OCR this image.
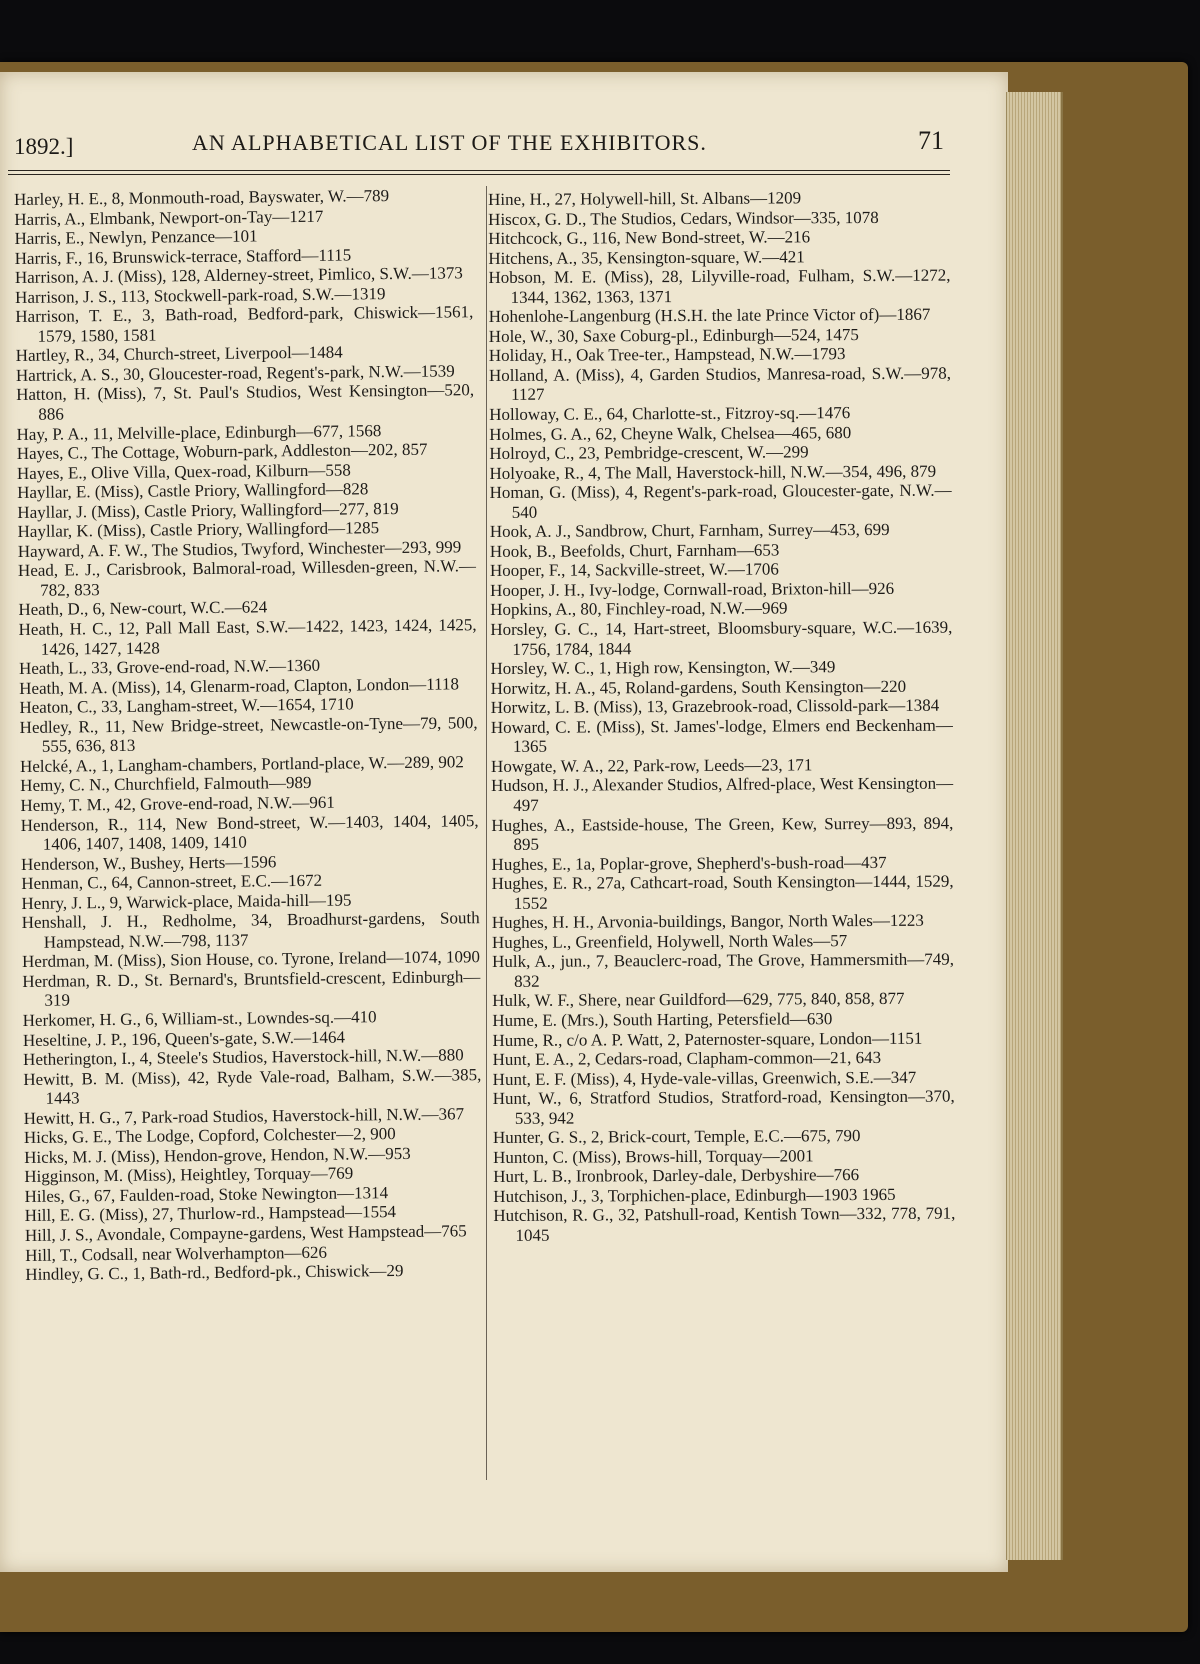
1892.]	AN ALPHABETICAL LIST OF THE EXHIBITORS.	71
Harley, H. E., 8, Monmouth-road, Bayswater, W.—789
Harris, A., Elmbank, Newport-on-Tay—1217
Harris, E., Newlyn, Penzance—101
Harris, F., 16, Brunswick-terrace, Stafford—1115
Harrison, A. J. (Miss), 128, Alderney-street, Pimlico, S.W.—1373
Harrison, J. S., 113, Stockwell-park-road, S.W.—1319
Harrison, T. E., 3, Bath-road, Bedford-park, Chiswick—1561, 1579, 1580, 1581
Hartley, R., 34, Church-street, Liverpool—1484
Hartrick, A. S., 30, Gloucester-road, Regent's-park, N.W.—1539
Hatton, H. (Miss), 7, St. Paul's Studios, West Kensington—520, 886
Hay, P. A., 11, Melville-place, Edinburgh—677, 1568
Hayes, C., The Cottage, Woburn-park, Addleston—202, 857
Hayes, E., Olive Villa, Quex-road, Kilburn—558
Hayllar, E. (Miss), Castle Priory, Wallingford—828
Hayllar, J. (Miss), Castle Priory, Wallingford—277, 819
Hayllar, K. (Miss), Castle Priory, Wallingford—1285
Hayward, A. F. W., The Studios, Twyford, Winchester—293, 999
Head, E. J., Carisbrook, Balmoral-road, Willesden-green, N.W.—782, 833
Heath, D., 6, New-court, W.C.—624
Heath, H. C., 12, Pall Mall East, S.W.—1422, 1423, 1424, 1425, 1426, 1427, 1428
Heath, L., 33, Grove-end-road, N.W.—1360
Heath, M. A. (Miss), 14, Glenarm-road, Clapton, London—1118
Heaton, C., 33, Langham-street, W.—1654, 1710
Hedley, R., 11, New Bridge-street, Newcastle-on-Tyne—79, 500, 555, 636, 813
Helcké, A., 1, Langham-chambers, Portland-place, W.—289, 902
Hemy, C. N., Churchfield, Falmouth—989
Hemy, T. M., 42, Grove-end-road, N.W.—961
Henderson, R., 114, New Bond-street, W.—1403, 1404, 1405, 1406, 1407, 1408, 1409, 1410
Henderson, W., Bushey, Herts—1596
Henman, C., 64, Cannon-street, E.C.—1672
Henry, J. L., 9, Warwick-place, Maida-hill—195
Henshall, J. H., Redholme, 34, Broadhurst-gardens, South Hampstead, N.W.—798, 1137
Herdman, M. (Miss), Sion House, co. Tyrone, Ireland—1074, 1090
Herdman, R. D., St. Bernard's, Bruntsfield-crescent, Edinburgh—319
Herkomer, H. G., 6, William-st., Lowndes-sq.—410
Heseltine, J. P., 196, Queen's-gate, S.W.—1464
Hetherington, I., 4, Steele's Studios, Haverstock-hill, N.W.—880
Hewitt, B. M. (Miss), 42, Ryde Vale-road, Balham, S.W.—385, 1443
Hewitt, H. G., 7, Park-road Studios, Haverstock-hill, N.W.—367
Hicks, G. E., The Lodge, Copford, Colchester—2, 900
Hicks, M. J. (Miss), Hendon-grove, Hendon, N.W.—953
Higginson, M. (Miss), Heightley, Torquay—769
Hiles, G., 67, Faulden-road, Stoke Newington—1314
Hill, E. G. (Miss), 27, Thurlow-rd., Hampstead—1554
Hill, J. S., Avondale, Compayne-gardens, West Hampstead—765
Hill, T., Codsall, near Wolverhampton—626
Hindley, G. C., 1, Bath-rd., Bedford-pk., Chiswick—29
Hine, H., 27, Holywell-hill, St. Albans—1209
Hiscox, G. D., The Studios, Cedars, Windsor—335, 1078
Hitchcock, G., 116, New Bond-street, W.—216
Hitchens, A., 35, Kensington-square, W.—421
Hobson, M. E. (Miss), 28, Lilyville-road, Fulham, S.W.—1272, 1344, 1362, 1363, 1371
Hohenlohe-Langenburg (H.S.H. the late Prince Victor of)—1867
Hole, W., 30, Saxe Coburg-pl., Edinburgh—524, 1475
Holiday, H., Oak Tree-ter., Hampstead, N.W.—1793
Holland, A. (Miss), 4, Garden Studios, Manresa-road, S.W.—978, 1127
Holloway, C. E., 64, Charlotte-st., Fitzroy-sq.—1476
Holmes, G. A., 62, Cheyne Walk, Chelsea—465, 680
Holroyd, C., 23, Pembridge-crescent, W.—299
Holyoake, R., 4, The Mall, Haverstock-hill, N.W.—354, 496, 879
Homan, G. (Miss), 4, Regent's-park-road, Gloucester-gate, N.W.—540
Hook, A. J., Sandbrow, Churt, Farnham, Surrey—453, 699
Hook, B., Beefolds, Churt, Farnham—653
Hooper, F., 14, Sackville-street, W.—1706
Hooper, J. H., Ivy-lodge, Cornwall-road, Brixton-hill—926
Hopkins, A., 80, Finchley-road, N.W.—969
Horsley, G. C., 14, Hart-street, Bloomsbury-square, W.C.—1639, 1756, 1784, 1844
Horsley, W. C., 1, High row, Kensington, W.—349
Horwitz, H. A., 45, Roland-gardens, South Kensington—220
Horwitz, L. B. (Miss), 13, Grazebrook-road, Clissold-park—1384
Howard, C. E. (Miss), St. James'-lodge, Elmers end Beckenham—1365
Howgate, W. A., 22, Park-row, Leeds—23, 171
Hudson, H. J., Alexander Studios, Alfred-place, West Kensington—497
Hughes, A., Eastside-house, The Green, Kew, Surrey—893, 894, 895
Hughes, E., 1a, Poplar-grove, Shepherd's-bush-road—437
Hughes, E. R., 27a, Cathcart-road, South Kensington—1444, 1529, 1552
Hughes, H. H., Arvonia-buildings, Bangor, North Wales—1223
Hughes, L., Greenfield, Holywell, North Wales—57
Hulk, A., jun., 7, Beauclerc-road, The Grove, Hammersmith—749, 832
Hulk, W. F., Shere, near Guildford—629, 775, 840, 858, 877
Hume, E. (Mrs.), South Harting, Petersfield—630
Hume, R., c/o A. P. Watt, 2, Paternoster-square, London—1151
Hunt, E. A., 2, Cedars-road, Clapham-common—21, 643
Hunt, E. F. (Miss), 4, Hyde-vale-villas, Greenwich, S.E.—347
Hunt, W., 6, Stratford Studios, Stratford-road, Kensington—370, 533, 942
Hunter, G. S., 2, Brick-court, Temple, E.C.—675, 790
Hunton, C. (Miss), Brows-hill, Torquay—2001
Hurt, L. B., Ironbrook, Darley-dale, Derbyshire—766
Hutchison, J., 3, Torphichen-place, Edinburgh—1903 1965
Hutchison, R. G., 32, Patshull-road, Kentish Town—332, 778, 791, 1045
